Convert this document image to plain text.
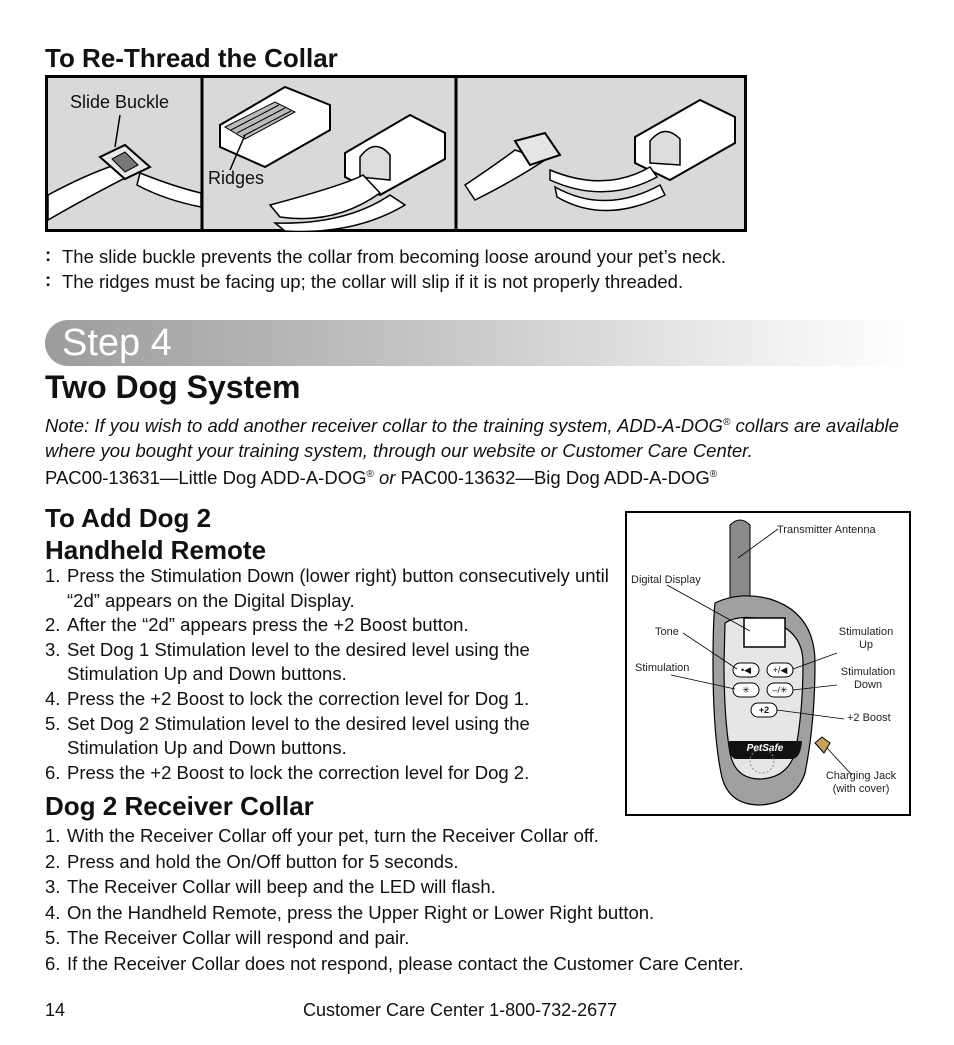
To Re-Thread the Collar
Slide Buckle
Ridges
: The slide buckle prevents the collar from becoming loose around your pet’s neck.
: The ridges must be facing up; the collar will slip if it is not properly threaded.
Step 4
Two Dog System

Note: If you wish to add another receiver collar to the training system, ADD-A-DOG® collars are available where you bought your training system, through our website or Customer Care Center.

PAC00-13631—Little Dog ADD-A-DOG® or PAC00-13632—Big Dog ADD-A-DOG®

To Add Dog 2
Handheld Remote
1. Press the Stimulation Down (lower right) button consecutively until “2d” appears on the Digital Display.
2. After the “2d” appears press the +2 Boost button.
3. Set Dog 1 Stimulation level to the desired level using the Stimulation Up and Down buttons.
4. Press the +2 Boost to lock the correction level for Dog 1.
5. Set Dog 2 Stimulation level to the desired level using the Stimulation Up and Down buttons.
6. Press the +2 Boost to lock the correction level for Dog 2.
Transmitter Antenna
Digital Display
Tone
Stimulation
Stimulation
Up
Stimulation
Down
+2 Boost
Charging Jack
(with cover)
•◀	+/◀
✳	–/✳
+2
PetSafe
Dog 2 Receiver Collar
1. With the Receiver Collar off your pet, turn the Receiver Collar off.
2. Press and hold the On/Off button for 5 seconds.
3. The Receiver Collar will beep and the LED will flash.
4. On the Handheld Remote, press the Upper Right or Lower Right button.
5. The Receiver Collar will respond and pair.
6. If the Receiver Collar does not respond, please contact the Customer Care Center.
14	Customer Care Center 1-800-732-2677
